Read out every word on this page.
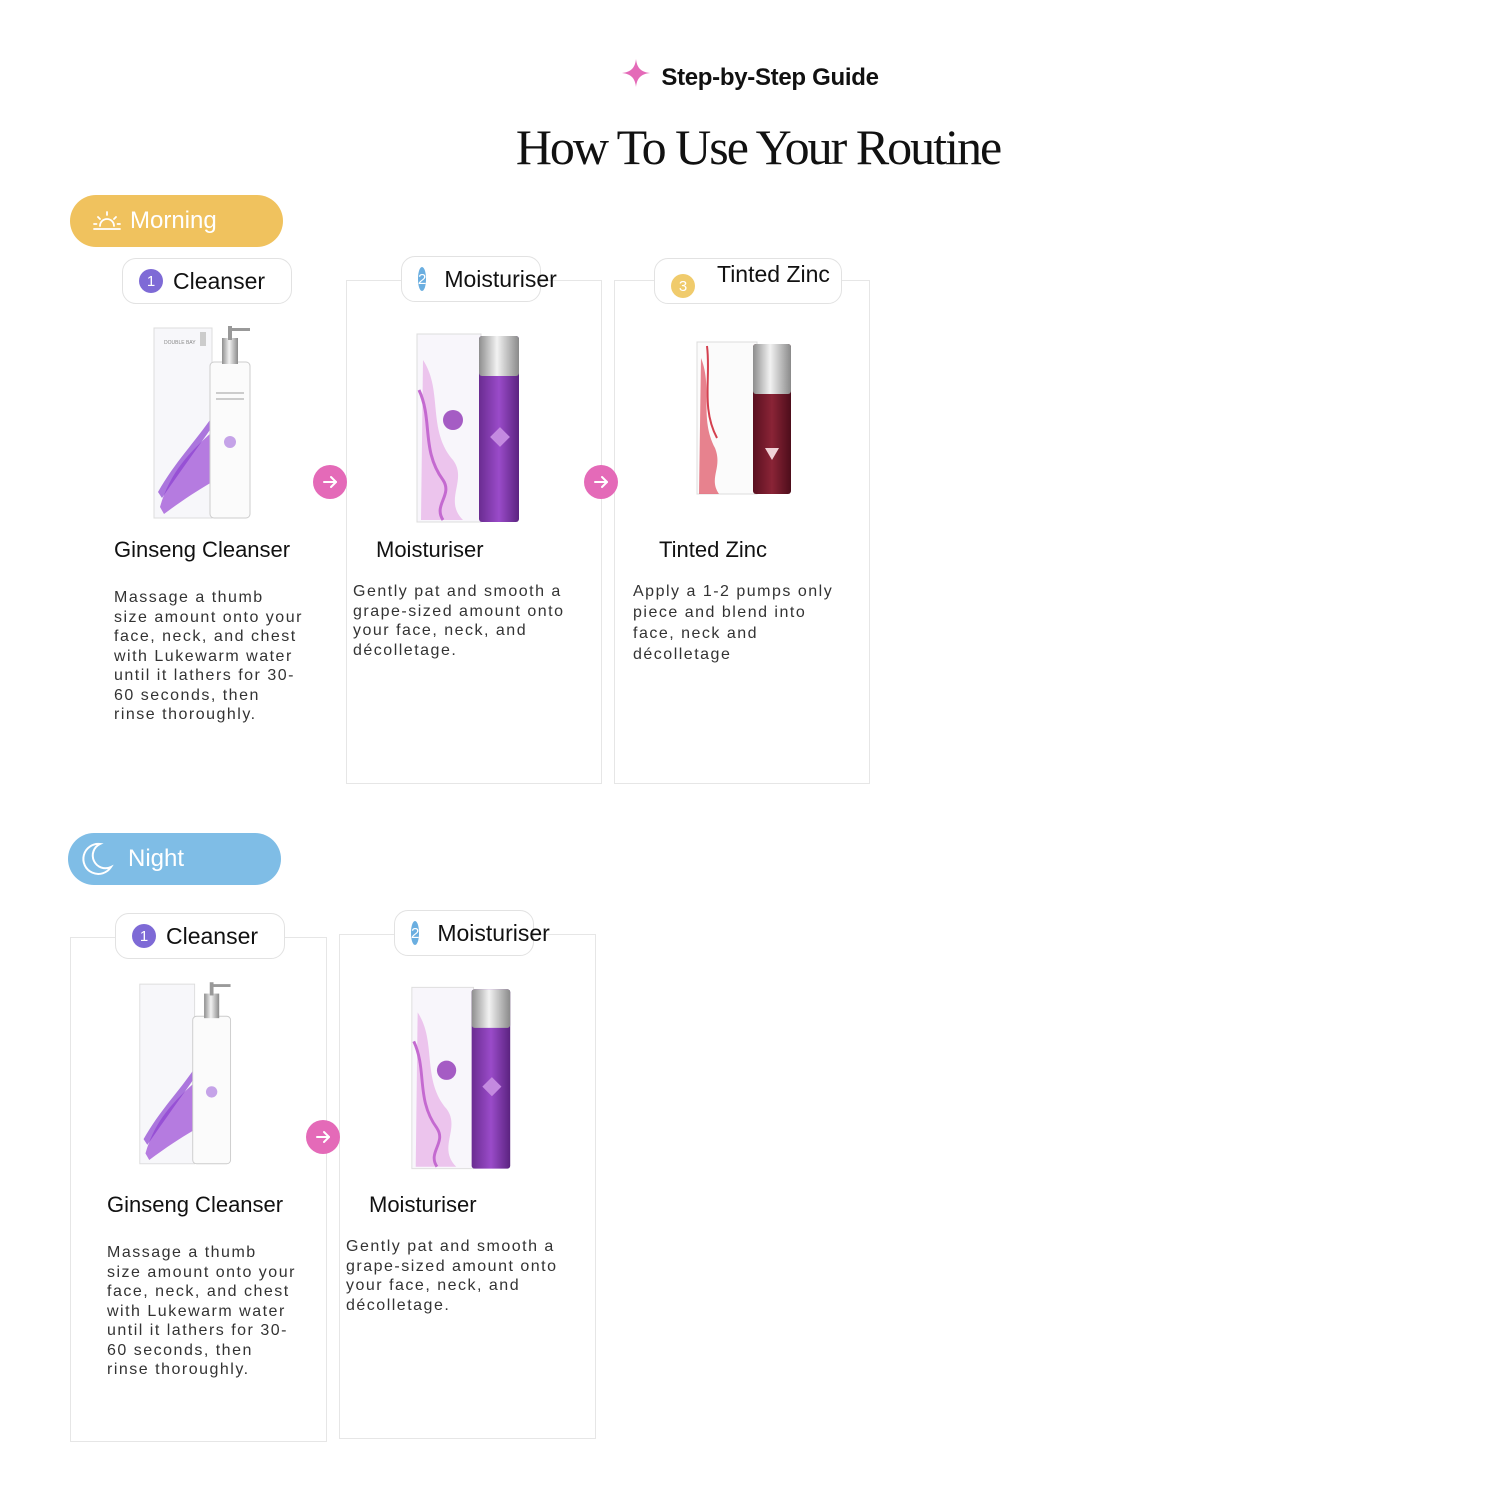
Step-by-Step Guide
How To Use Your Routine
Morning
1 Cleanser	2 Moisturiser	3	Tinted Zinc
DOUBLE BAY
Ginseng Cleanser
Massage a thumb size amount onto your face, neck, and chest with Lukewarm water until it lathers for 30-60 seconds, then rinse thoroughly.
Moisturiser
Gently pat and smooth a grape-sized amount onto your face, neck, and décolletage.
Tinted Zinc
Apply a 1-2 pumps only piece and blend into face, neck and décolletage
Night
1 Cleanser	2 Moisturiser
Ginseng Cleanser
Massage a thumb size amount onto your face, neck, and chest with Lukewarm water until it lathers for 30-60 seconds, then rinse thoroughly.
Moisturiser
Gently pat and smooth a grape-sized amount onto your face, neck, and décolletage.
